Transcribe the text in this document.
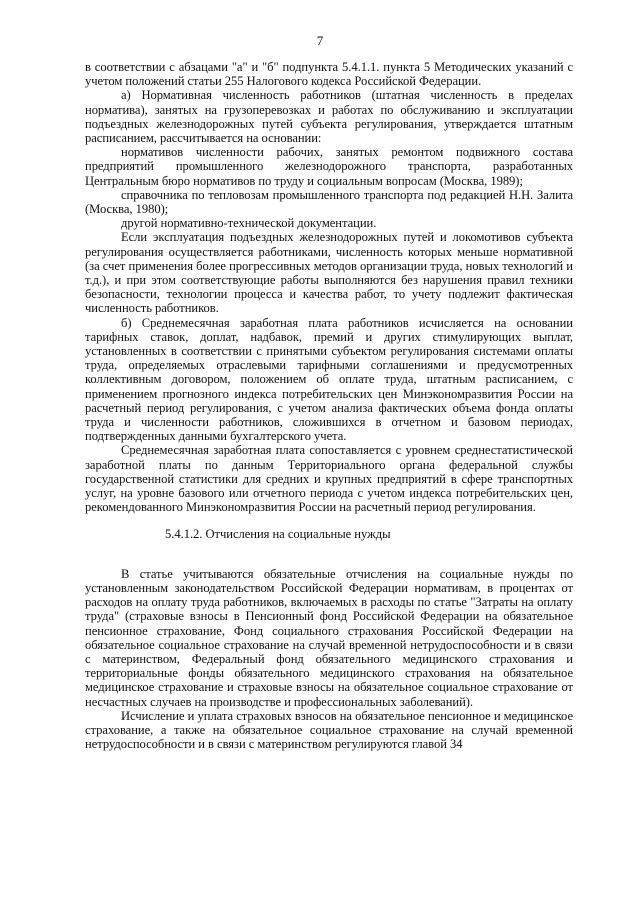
7

в соответствии с абзацами "а" и "б" подпункта 5.4.1.1. пункта 5 Методических указаний с учетом положений статьи 255 Налогового кодекса Российской Федерации.

а) Нормативная численность работников (штатная численность в пределах норматива), занятых на грузоперевозках и работах по обслуживанию и эксплуатации подъездных железнодорожных путей субъекта регулирования, утверждается штатным расписанием, рассчитывается на основании:

нормативов численности рабочих, занятых ремонтом подвижного состава предприятий промышленного железнодорожного транспорта, разработанных Центральным бюро нормативов по труду и социальным вопросам (Москва, 1989);

справочника по тепловозам промышленного транспорта под редакцией Н.Н. Залита (Москва, 1980);

другой нормативно-технической документации.

Если эксплуатация подъездных железнодорожных путей и локомотивов субъекта регулирования осуществляется работниками, численность которых меньше нормативной (за счет применения более прогрессивных методов организации труда, новых технологий и т.д.), и при этом соответствующие работы выполняются без нарушения правил техники безопасности, технологии процесса и качества работ, то учету подлежит фактическая численность работников.

б) Среднемесячная заработная плата работников исчисляется на основании тарифных ставок, доплат, надбавок, премий и других стимулирующих выплат, установленных в соответствии с принятыми субъектом регулирования системами оплаты труда, определяемых отраслевыми тарифными соглашениями и предусмотренных коллективным договором, положением об оплате труда, штатным расписанием, с применением прогнозного индекса потребительских цен Минэкономразвития России на расчетный период регулирования, с учетом анализа фактических объема фонда оплаты труда и численности работников, сложившихся в отчетном и базовом периодах, подтвержденных данными бухгалтерского учета.

Среднемесячная заработная плата сопоставляется с уровнем среднестатистической заработной платы по данным Территориального органа федеральной службы государственной статистики для средних и крупных предприятий в сфере транспортных услуг, на уровне базового или отчетного периода с учетом индекса потребительских цен, рекомендованного Минэкономразвития России на расчетный период регулирования.

5.4.1.2. Отчисления на социальные нужды

В статье учитываются обязательные отчисления на социальные нужды по установленным законодательством Российской Федерации нормативам, в процентах от расходов на оплату труда работников, включаемых в расходы по статье "Затраты на оплату труда" (страховые взносы в Пенсионный фонд Российской Федерации на обязательное пенсионное страхование, Фонд социального страхования Российской Федерации на обязательное социальное страхование на случай временной нетрудоспособности и в связи с материнством, Федеральный фонд обязательного медицинского страхования и территориальные фонды обязательного медицинского страхования на обязательное медицинское страхование и страховые взносы на обязательное социальное страхование от несчастных случаев на производстве и профессиональных заболеваний).

Исчисление и уплата страховых взносов на обязательное пенсионное и медицинское страхование, а также на обязательное социальное страхование на случай временной нетрудоспособности и в связи с материнством регулируются главой 34
